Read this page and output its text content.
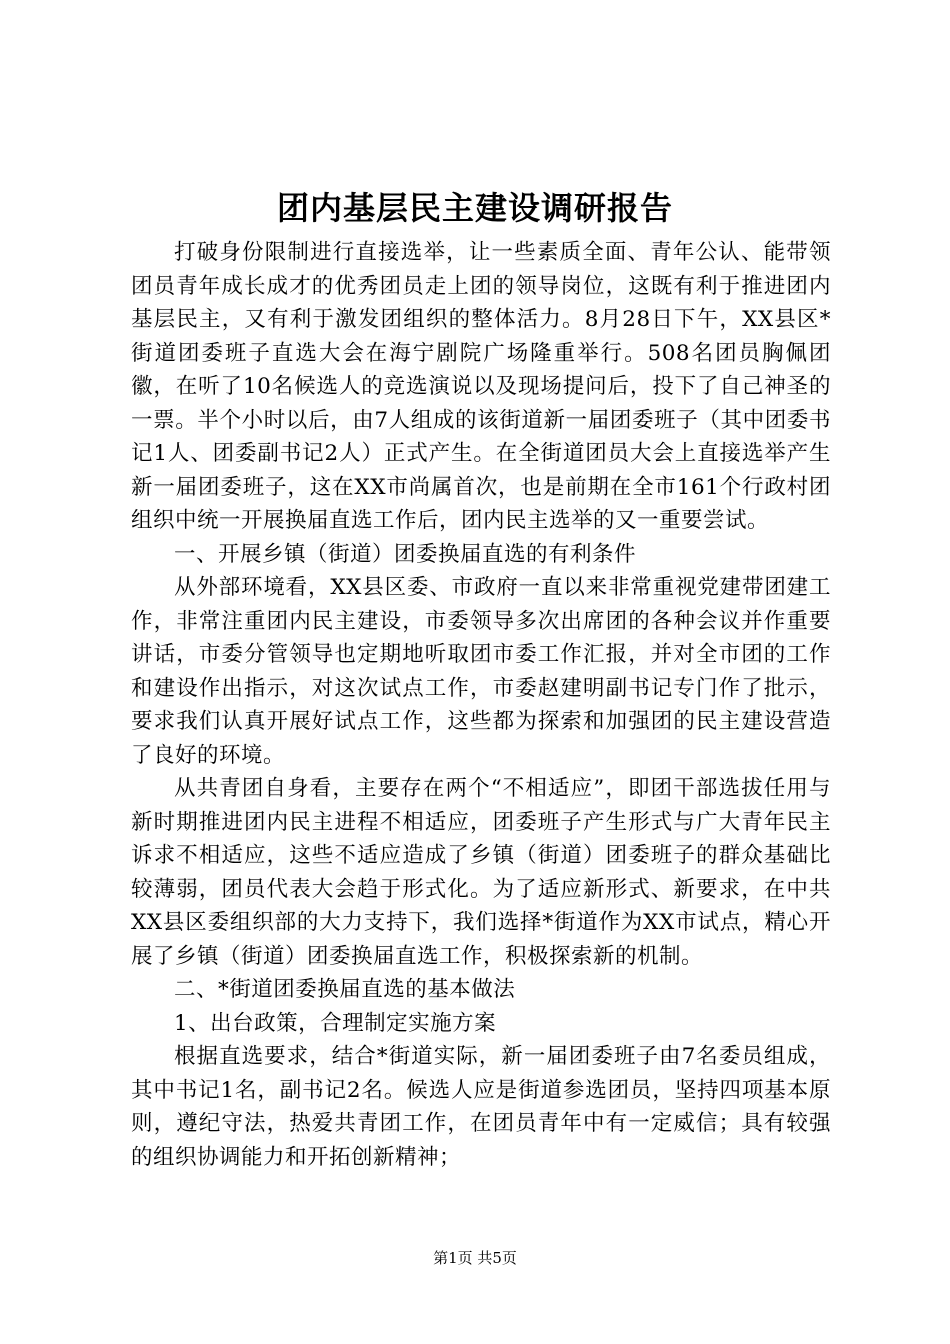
团内基层民主建设调研报告

打破身份限制进行直接选举，让一些素质全面、青年公认、能带领团员青年成长成才的优秀团员走上团的领导岗位，这既有利于推进团内基层民主，又有利于激发团组织的整体活力。8月28日下午，XX县区*街道团委班子直选大会在海宁剧院广场隆重举行。508名团员胸佩团徽，在听了10名候选人的竞选演说以及现场提问后，投下了自己神圣的一票。半个小时以后，由7人组成的该街道新一届团委班子（其中团委书记1人、团委副书记2人）正式产生。在全街道团员大会上直接选举产生新一届团委班子，这在XX市尚属首次，也是前期在全市161个行政村团组织中统一开展换届直选工作后，团内民主选举的又一重要尝试。

一、开展乡镇（街道）团委换届直选的有利条件

从外部环境看，XX县区委、市政府一直以来非常重视党建带团建工作，非常注重团内民主建设，市委领导多次出席团的各种会议并作重要讲话，市委分管领导也定期地听取团市委工作汇报，并对全市团的工作和建设作出指示，对这次试点工作，市委赵建明副书记专门作了批示，要求我们认真开展好试点工作，这些都为探索和加强团的民主建设营造了良好的环境。

从共青团自身看，主要存在两个“不相适应”，即团干部选拔任用与新时期推进团内民主进程不相适应，团委班子产生形式与广大青年民主诉求不相适应，这些不适应造成了乡镇（街道）团委班子的群众基础比较薄弱，团员代表大会趋于形式化。为了适应新形式、新要求，在中共XX县区委组织部的大力支持下，我们选择*街道作为XX市试点，精心开展了乡镇（街道）团委换届直选工作，积极探索新的机制。

二、*街道团委换届直选的基本做法

1、出台政策，合理制定实施方案

根据直选要求，结合*街道实际，新一届团委班子由7名委员组成，其中书记1名，副书记2名。候选人应是街道参选团员，坚持四项基本原则，遵纪守法，热爱共青团工作，在团员青年中有一定威信；具有较强的组织协调能力和开拓创新精神；

第1页 共5页
